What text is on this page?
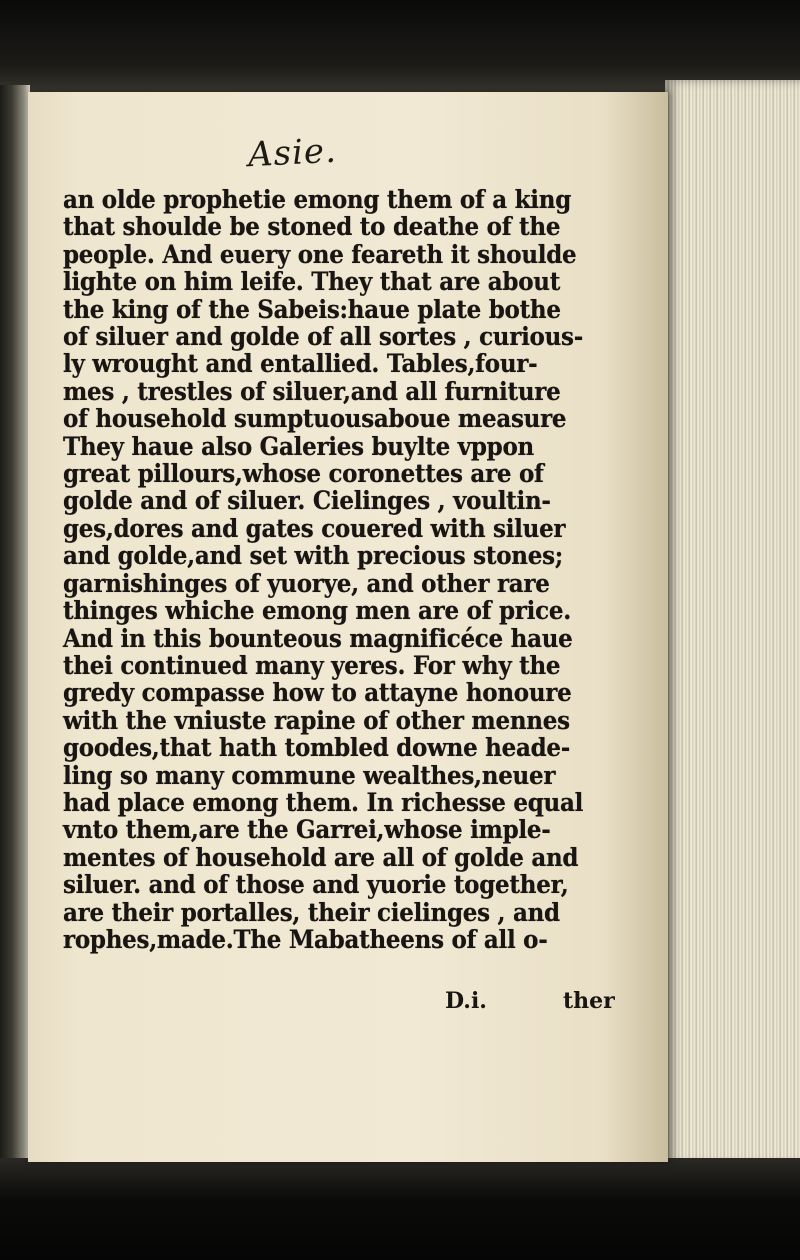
Asie.
an olde prophetie emong them of a king
that shoulde be stoned to deathe of the
people. And euery one feareth it shoulde
lighte on him leife. They that are about
the king of the Sabeis:haue plate bothe
of siluer and golde of all sortes , curious-
ly wrought and entallied. Tables,four-
mes , trestles of siluer,and all furniture
of household sumptuousaboue measure
They haue also Galeries buylte vppon
great pillours,whose coronettes are of
golde and of siluer. Cielinges , voultin-
ges,dores and gates couered with siluer
and golde,and set with precious stones;
garnishinges of yuorye, and other rare
thinges whiche emong men are of price.
And in this bounteous magnificéce haue
thei continued many yeres. For why the
gredy compasse how to attayne honoure
with the vniuste rapine of other mennes
goodes,that hath tombled downe heade-
ling so many commune wealthes,neuer
had place emong them. In richesse equal
vnto them,are the Garrei,whose imple-
mentes of household are all of golde and
siluer. and of those and yuorie together,
are their portalles, their cielinges , and
rophes,made.The Mabatheens of all o-
D.i.	ther
